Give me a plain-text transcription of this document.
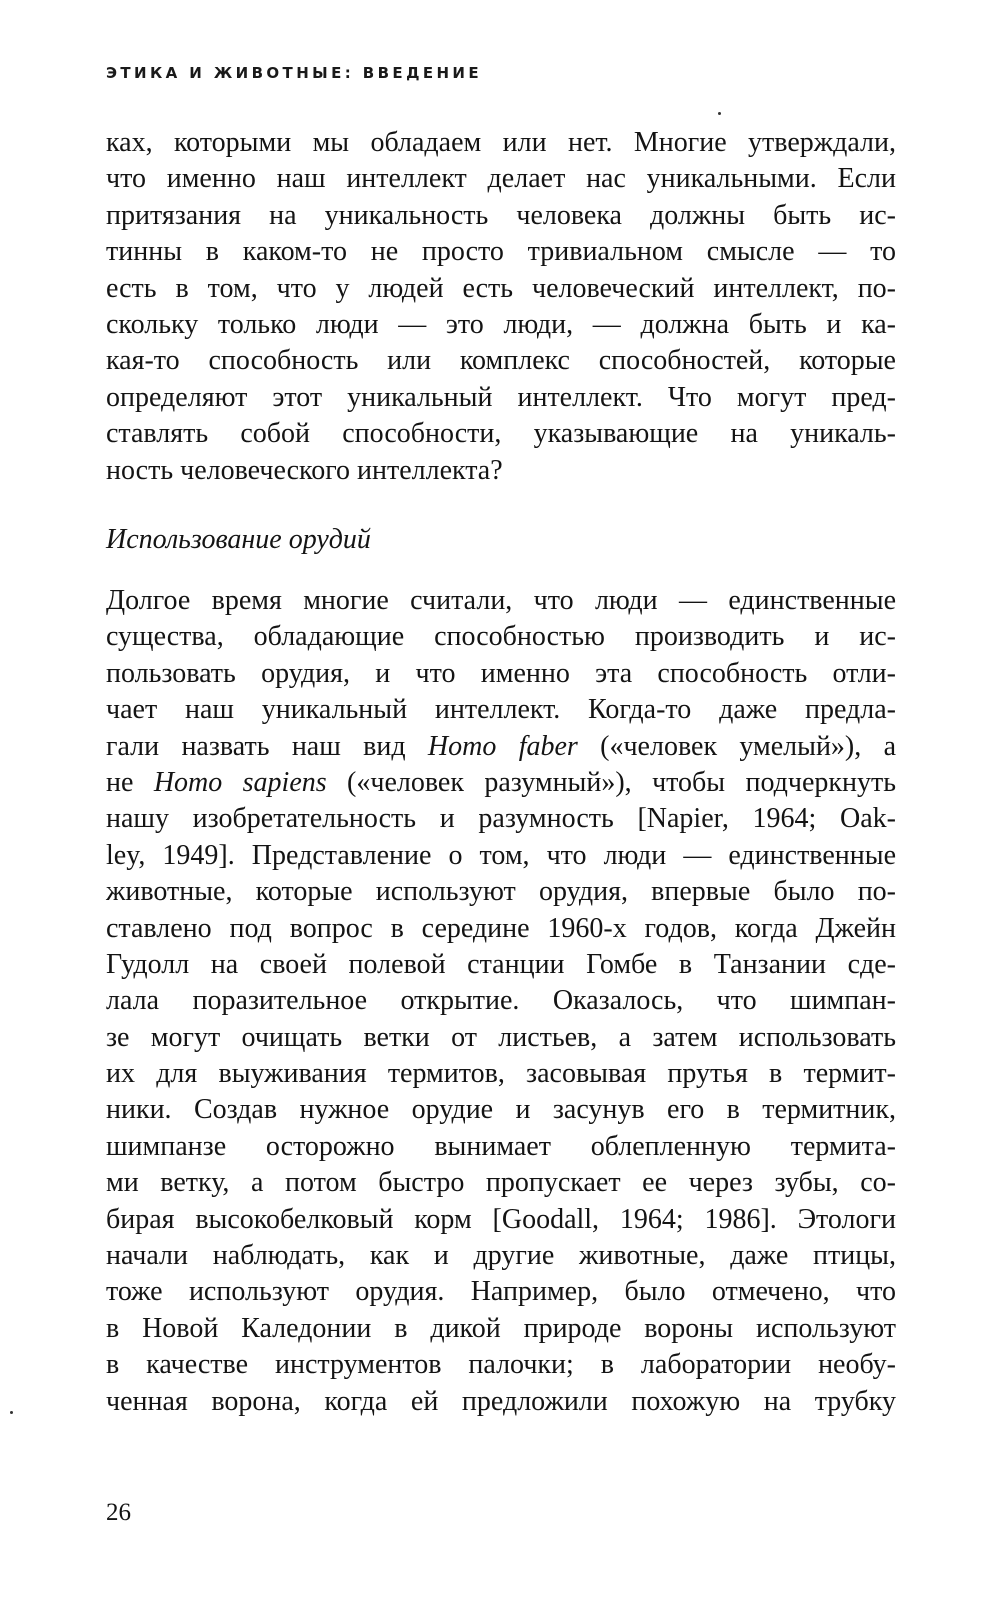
ЭТИКА И ЖИВОТНЫЕ: ВВЕДЕНИЕ
ках, которыми мы обладаем или нет. Многие утверждали,
что именно наш интеллект делает нас уникальными. Если
притязания на уникальность человека должны быть ис-
тинны в каком-то не просто тривиальном смысле — то
есть в том, что у людей есть человеческий интеллект, по-
скольку только люди — это люди, — должна быть и ка-
кая-то способность или комплекс способностей, которые
определяют этот уникальный интеллект. Что могут пред-
ставлять собой способности, указывающие на уникаль-
ность человеческого интеллекта?
Использование орудий
Долгое время многие считали, что люди — единственные
существа, обладающие способностью производить и ис-
пользовать орудия, и что именно эта способность отли-
чает наш уникальный интеллект. Когда-то даже предла-
гали назвать наш вид Homo faber («человек умелый»), а
не Homo sapiens («человек разумный»), чтобы подчеркнуть
нашу изобретательность и разумность [Napier, 1964; Oak-
ley, 1949]. Представление о том, что люди — единственные
животные, которые используют орудия, впервые было по-
ставлено под вопрос в середине 1960-х годов, когда Джейн
Гудолл на своей полевой станции Гомбе в Танзании сде-
лала поразительное открытие. Оказалось, что шимпан-
зе могут очищать ветки от листьев, а затем использовать
их для выуживания термитов, засовывая прутья в термит-
ники. Создав нужное орудие и засунув его в термитник,
шимпанзе осторожно вынимает облепленную термита-
ми ветку, а потом быстро пропускает ее через зубы, со-
бирая высокобелковый корм [Goodall, 1964; 1986]. Этологи
начали наблюдать, как и другие животные, даже птицы,
тоже используют орудия. Например, было отмечено, что
в Новой Каледонии в дикой природе вороны используют
в качестве инструментов палочки; в лаборатории необу-
ченная ворона, когда ей предложили похожую на трубку
26
